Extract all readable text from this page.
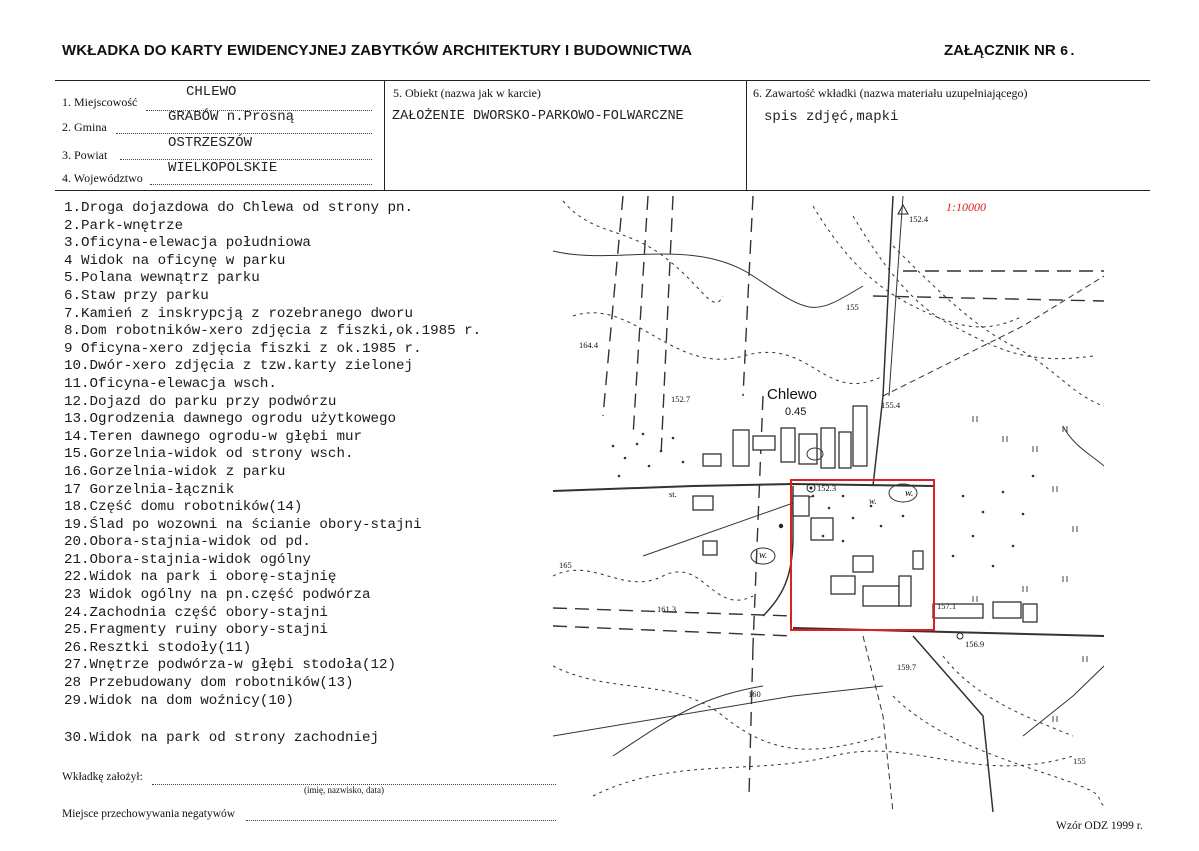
WKŁADKA DO KARTY EWIDENCYJNEJ ZABYTKÓW ARCHITEKTURY I BUDOWNICTWA	ZAŁĄCZNIK NR 6.
1. Miejscowość
CHLEWO
2. Gmina
GRABÓW n.Prosną
3. Powiat
OSTRZESZÓW
4. Województwo
WIELKOPOLSKIE
5. Obiekt (nazwa jak w karcie)
ZAŁOŻENIE DWORSKO-PARKOWO-FOLWARCZNE
6. Zawartość wkładki (nazwa materiału uzupełniającego)
spis zdjęć,mapki
1.Droga dojazdowa do Chlewa od strony pn.
2.Park-wnętrze
3.Oficyna-elewacja południowa
4 Widok na oficynę w parku
5.Polana wewnątrz parku
6.Staw przy parku
7.Kamień z inskrypcją z rozebranego dworu
8.Dom robotników-xero zdjęcia z fiszki,ok.1985 r.
9 Oficyna-xero zdjęcia fiszki z ok.1985 r.
10.Dwór-xero zdjęcia z tzw.karty zielonej
11.Oficyna-elewacja wsch.
12.Dojazd do parku przy podwórzu
13.Ogrodzenia dawnego ogrodu użytkowego
14.Teren dawnego ogrodu-w głębi mur
15.Gorzelnia-widok od strony wsch.
16.Gorzelnia-widok z parku
17 Gorzelnia-łącznik
18.Część domu robotników(14)
19.Ślad po wozowni na ścianie obory-stajni
20.Obora-stajnia-widok od pd.
21.Obora-stajnia-widok ogólny
22.Widok na park i oborę-stajnię
23 Widok ogólny na pn.część podwórza
24.Zachodnia część obory-stajni
25.Fragmenty ruiny obory-stajni
26.Resztki stodoły(11)
27.Wnętrze podwórza-w głębi stodoła(12)
28 Przebudowany dom robotników(13)
29.Widok na dom woźnicy(10)
30.Widok na park od strony zachodniej
1:10000
Chlewo
0.45
152.4
164.4
152.7
155.4
152.3
157.1
156.9
159.7
161.3
165
160
155
155
w.
w.
w.
st.
Wkładkę założył:
(imię, nazwisko, data)
Miejsce przechowywania negatywów
Wzór ODZ 1999 r.
